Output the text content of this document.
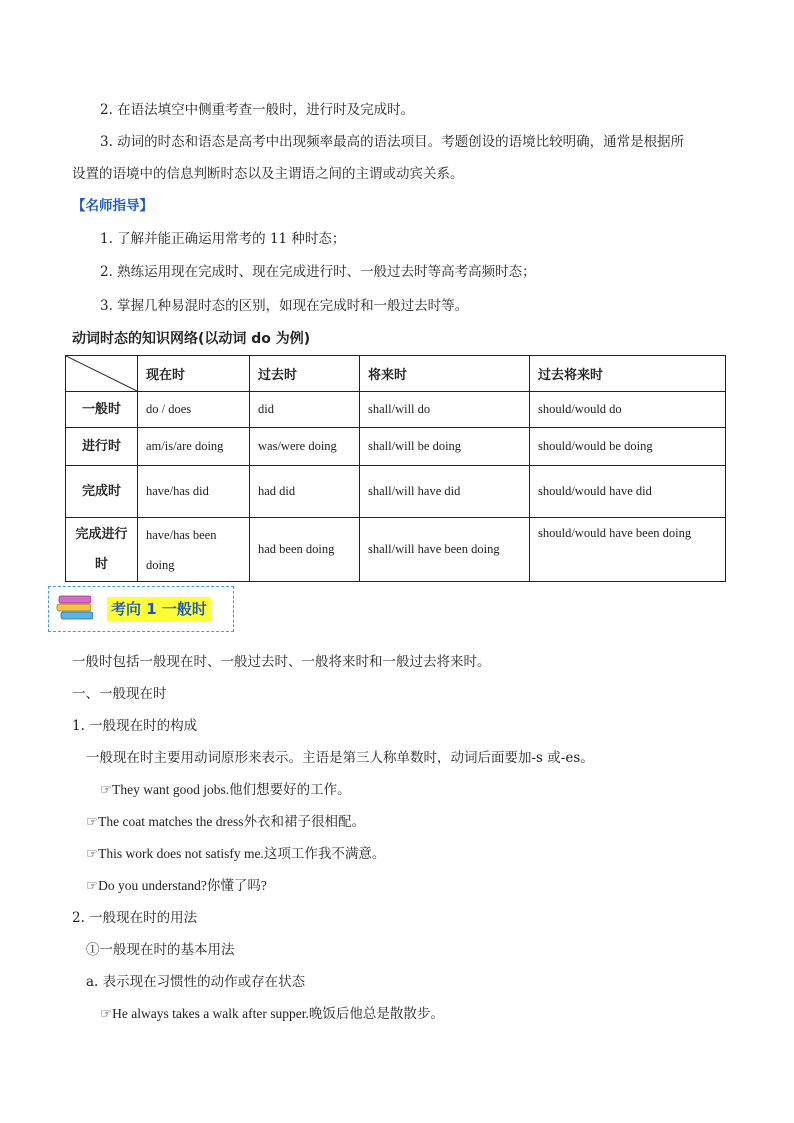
2. 在语法填空中侧重考查一般时，进行时及完成时。
3. 动词的时态和语态是高考中出现频率最高的语法项目。考题创设的语境比较明确，通常是根据所
设置的语境中的信息判断时态以及主谓语之间的主谓或动宾关系。
【名师指导】
1. 了解并能正确运用常考的 11 种时态；
2. 熟练运用现在完成时、现在完成进行时、一般过去时等高考高频时态；
3. 掌握几种易混时态的区别，如现在完成时和一般过去时等。
动词时态的知识网络(以动词 do 为例)
	现在时	过去时	将来时	过去将来时
一般时	do / does	did	shall/will do	should/would do
进行时	am/is/are doing	was/were doing	shall/will be doing	should/would be doing
完成时	have/has did	had did	shall/will have did	should/would have did
完成进行时	have/has been doing	had been doing	shall/will have been doing	should/would have been doing
考向 1 一般时
一般时包括一般现在时、一般过去时、一般将来时和一般过去将来时。
一、一般现在时
1. 一般现在时的构成
一般现在时主要用动词原形来表示。主语是第三人称单数时，动词后面要加-s 或-es。
☞They want good jobs.他们想要好的工作。
☞The coat matches the dress外衣和裙子很相配。
☞This work does not satisfy me.这项工作我不满意。
☞Do you understand?你懂了吗?
2. 一般现在时的用法
①一般现在时的基本用法
a. 表示现在习惯性的动作或存在状态
☞He always takes a walk after supper.晚饭后他总是散散步。
